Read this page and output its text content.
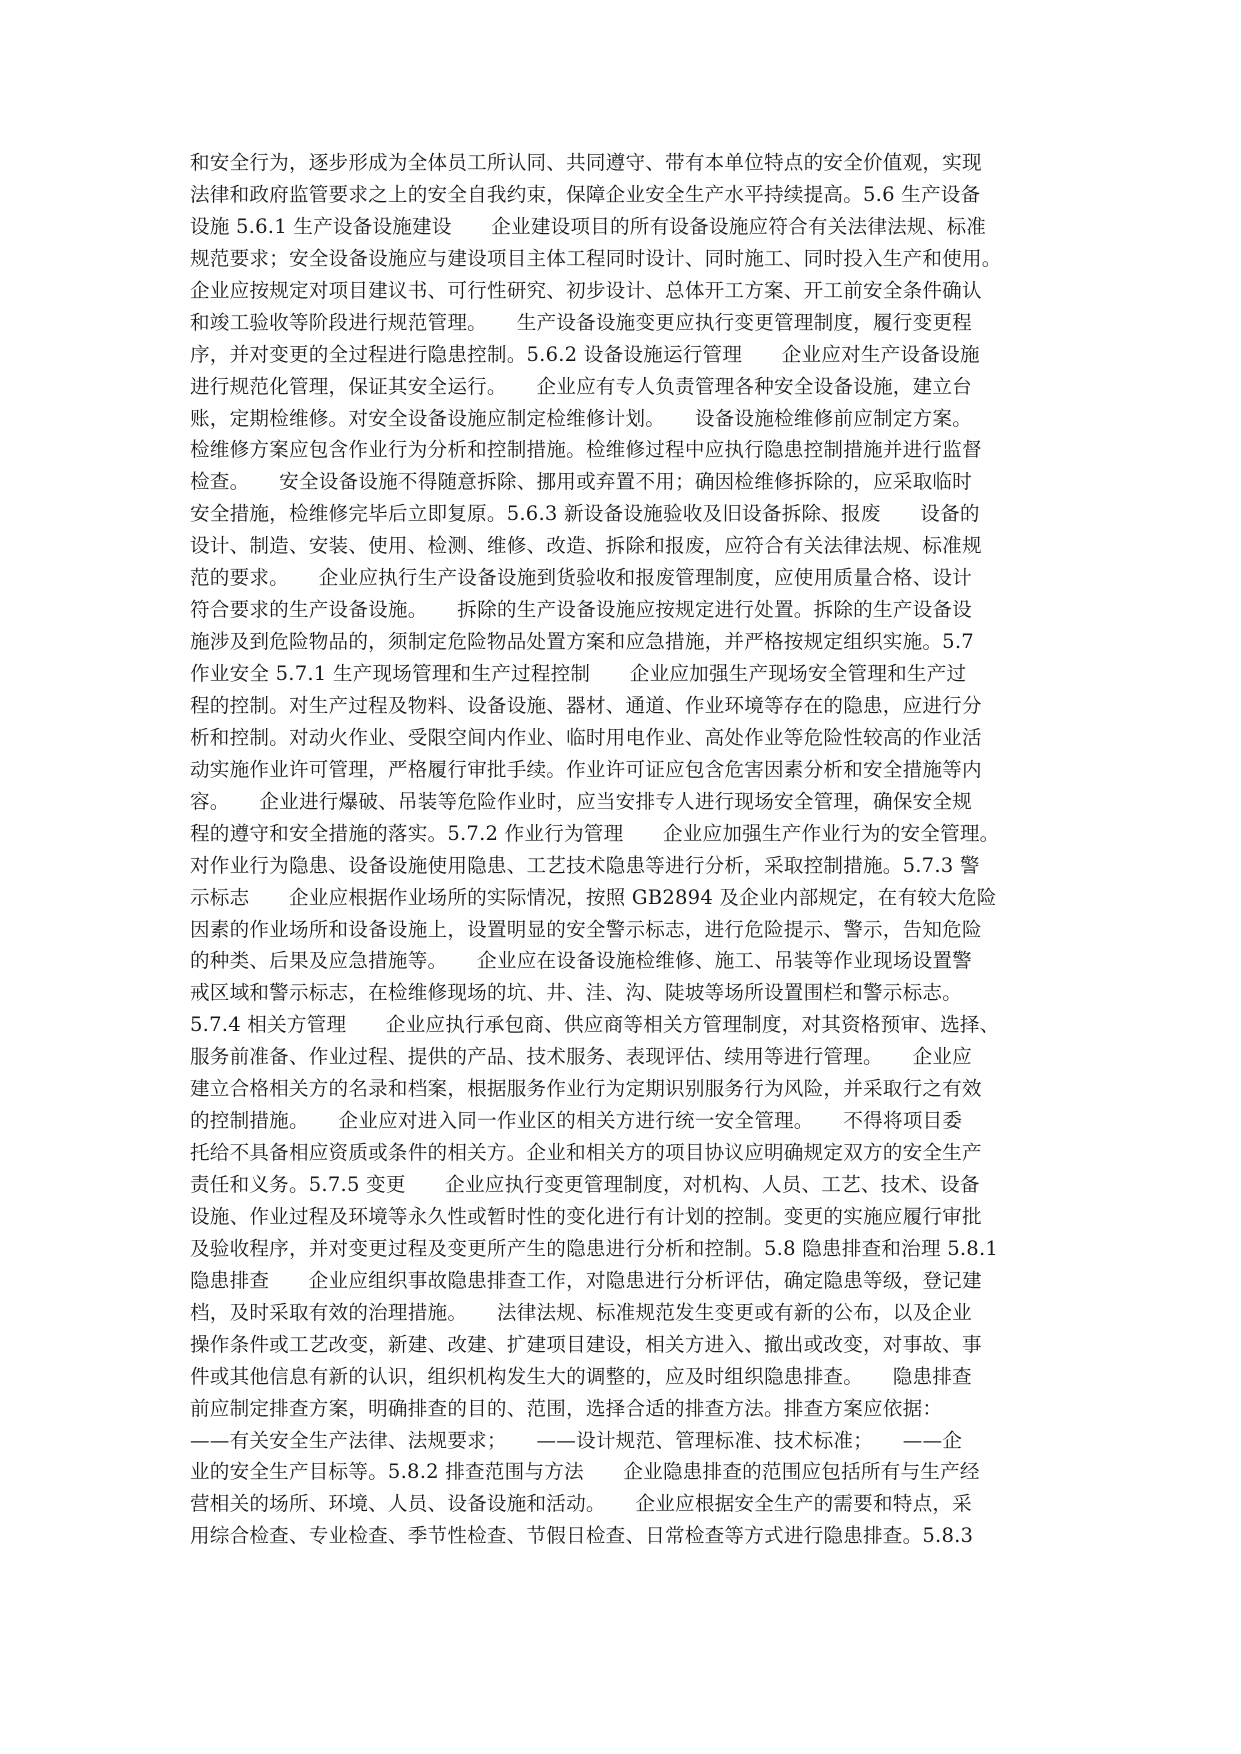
和安全行为，逐步形成为全体员工所认同、共同遵守、带有本单位特点的安全价值观，实现
法律和政府监管要求之上的安全自我约束，保障企业安全生产水平持续提高。5.6 生产设备
设施 5.6.1 生产设备设施建设　　企业建设项目的所有设备设施应符合有关法律法规、标准
规范要求；安全设备设施应与建设项目主体工程同时设计、同时施工、同时投入生产和使用。
企业应按规定对项目建议书、可行性研究、初步设计、总体开工方案、开工前安全条件确认
和竣工验收等阶段进行规范管理。　　生产设备设施变更应执行变更管理制度，履行变更程
序，并对变更的全过程进行隐患控制。5.6.2 设备设施运行管理　　企业应对生产设备设施
进行规范化管理，保证其安全运行。　　企业应有专人负责管理各种安全设备设施，建立台
账，定期检维修。对安全设备设施应制定检维修计划。　　设备设施检维修前应制定方案。
检维修方案应包含作业行为分析和控制措施。检维修过程中应执行隐患控制措施并进行监督
检查。　　安全设备设施不得随意拆除、挪用或弃置不用；确因检维修拆除的，应采取临时
安全措施，检维修完毕后立即复原。5.6.3 新设备设施验收及旧设备拆除、报废　　设备的
设计、制造、安装、使用、检测、维修、改造、拆除和报废，应符合有关法律法规、标准规
范的要求。　　企业应执行生产设备设施到货验收和报废管理制度，应使用质量合格、设计
符合要求的生产设备设施。　　拆除的生产设备设施应按规定进行处置。拆除的生产设备设
施涉及到危险物品的，须制定危险物品处置方案和应急措施，并严格按规定组织实施。5.7
作业安全 5.7.1 生产现场管理和生产过程控制　　企业应加强生产现场安全管理和生产过
程的控制。对生产过程及物料、设备设施、器材、通道、作业环境等存在的隐患，应进行分
析和控制。对动火作业、受限空间内作业、临时用电作业、高处作业等危险性较高的作业活
动实施作业许可管理，严格履行审批手续。作业许可证应包含危害因素分析和安全措施等内
容。　　企业进行爆破、吊装等危险作业时，应当安排专人进行现场安全管理，确保安全规
程的遵守和安全措施的落实。5.7.2 作业行为管理　　企业应加强生产作业行为的安全管理。
对作业行为隐患、设备设施使用隐患、工艺技术隐患等进行分析，采取控制措施。5.7.3 警
示标志　　企业应根据作业场所的实际情况，按照 GB2894 及企业内部规定，在有较大危险
因素的作业场所和设备设施上，设置明显的安全警示标志，进行危险提示、警示，告知危险
的种类、后果及应急措施等。　　企业应在设备设施检维修、施工、吊装等作业现场设置警
戒区域和警示标志，在检维修现场的坑、井、洼、沟、陡坡等场所设置围栏和警示标志。
5.7.4 相关方管理　　企业应执行承包商、供应商等相关方管理制度，对其资格预审、选择、
服务前准备、作业过程、提供的产品、技术服务、表现评估、续用等进行管理。　　企业应
建立合格相关方的名录和档案，根据服务作业行为定期识别服务行为风险，并采取行之有效
的控制措施。　　企业应对进入同一作业区的相关方进行统一安全管理。　　不得将项目委
托给不具备相应资质或条件的相关方。企业和相关方的项目协议应明确规定双方的安全生产
责任和义务。5.7.5 变更　　企业应执行变更管理制度，对机构、人员、工艺、技术、设备
设施、作业过程及环境等永久性或暂时性的变化进行有计划的控制。变更的实施应履行审批
及验收程序，并对变更过程及变更所产生的隐患进行分析和控制。5.8 隐患排查和治理 5.8.1
隐患排查　　企业应组织事故隐患排查工作，对隐患进行分析评估，确定隐患等级，登记建
档，及时采取有效的治理措施。　　法律法规、标准规范发生变更或有新的公布，以及企业
操作条件或工艺改变，新建、改建、扩建项目建设，相关方进入、撤出或改变，对事故、事
件或其他信息有新的认识，组织机构发生大的调整的，应及时组织隐患排查。　　隐患排查
前应制定排查方案，明确排查的目的、范围，选择合适的排查方法。排查方案应依据：
——有关安全生产法律、法规要求；　　——设计规范、管理标准、技术标准；　　——企
业的安全生产目标等。5.8.2 排查范围与方法　　企业隐患排查的范围应包括所有与生产经
营相关的场所、环境、人员、设备设施和活动。　　企业应根据安全生产的需要和特点，采
用综合检查、专业检查、季节性检查、节假日检查、日常检查等方式进行隐患排查。5.8.3
